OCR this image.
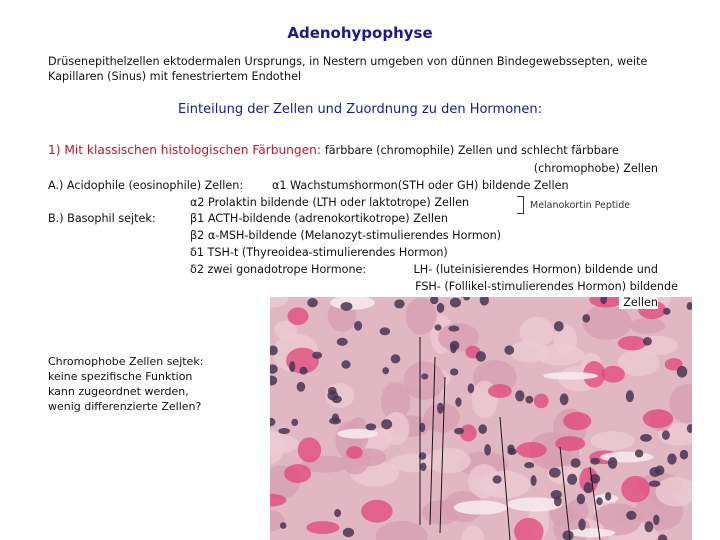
Adenohypophyse
Drüsenepithelzellen ektodermalen Ursprungs, in Nestern umgeben von dünnen Bindegewebssepten, weite Kapillaren (Sinus) mit fenestriertem Endothel
Einteilung der Zellen und Zuordnung zu den Hormonen:
1) Mit klassischen histologischen Färbungen: färbbare (chromophile) Zellen und schlecht färbbare
(chromophobe) Zellen
A.) Acidophile (eosinophile) Zellen:	α1 Wachstumshormon(STH oder GH) bildende Zellen
α2 Prolaktin bildende (LTH oder laktotrope) Zellen	Melanokortin Peptide
B.) Basophil sejtek:	β1 ACTH-bildende (adrenokortikotrope) Zellen
β2 α-MSH-bildende (Melanozyt-stimulierendes Hormon)
δ1 TSH-t (Thyreoidea-stimulierendes Hormon)
δ2 zwei gonadotrope Hormone:	LH- (luteinisierendes Hormon) bildende und
FSH- (Follikel-stimulierendes Hormon) bildende
Zellen
Chromophobe Zellen sejtek: keine spezifische Funktion kann zugeordnet werden, wenig differenzierte Zellen?
